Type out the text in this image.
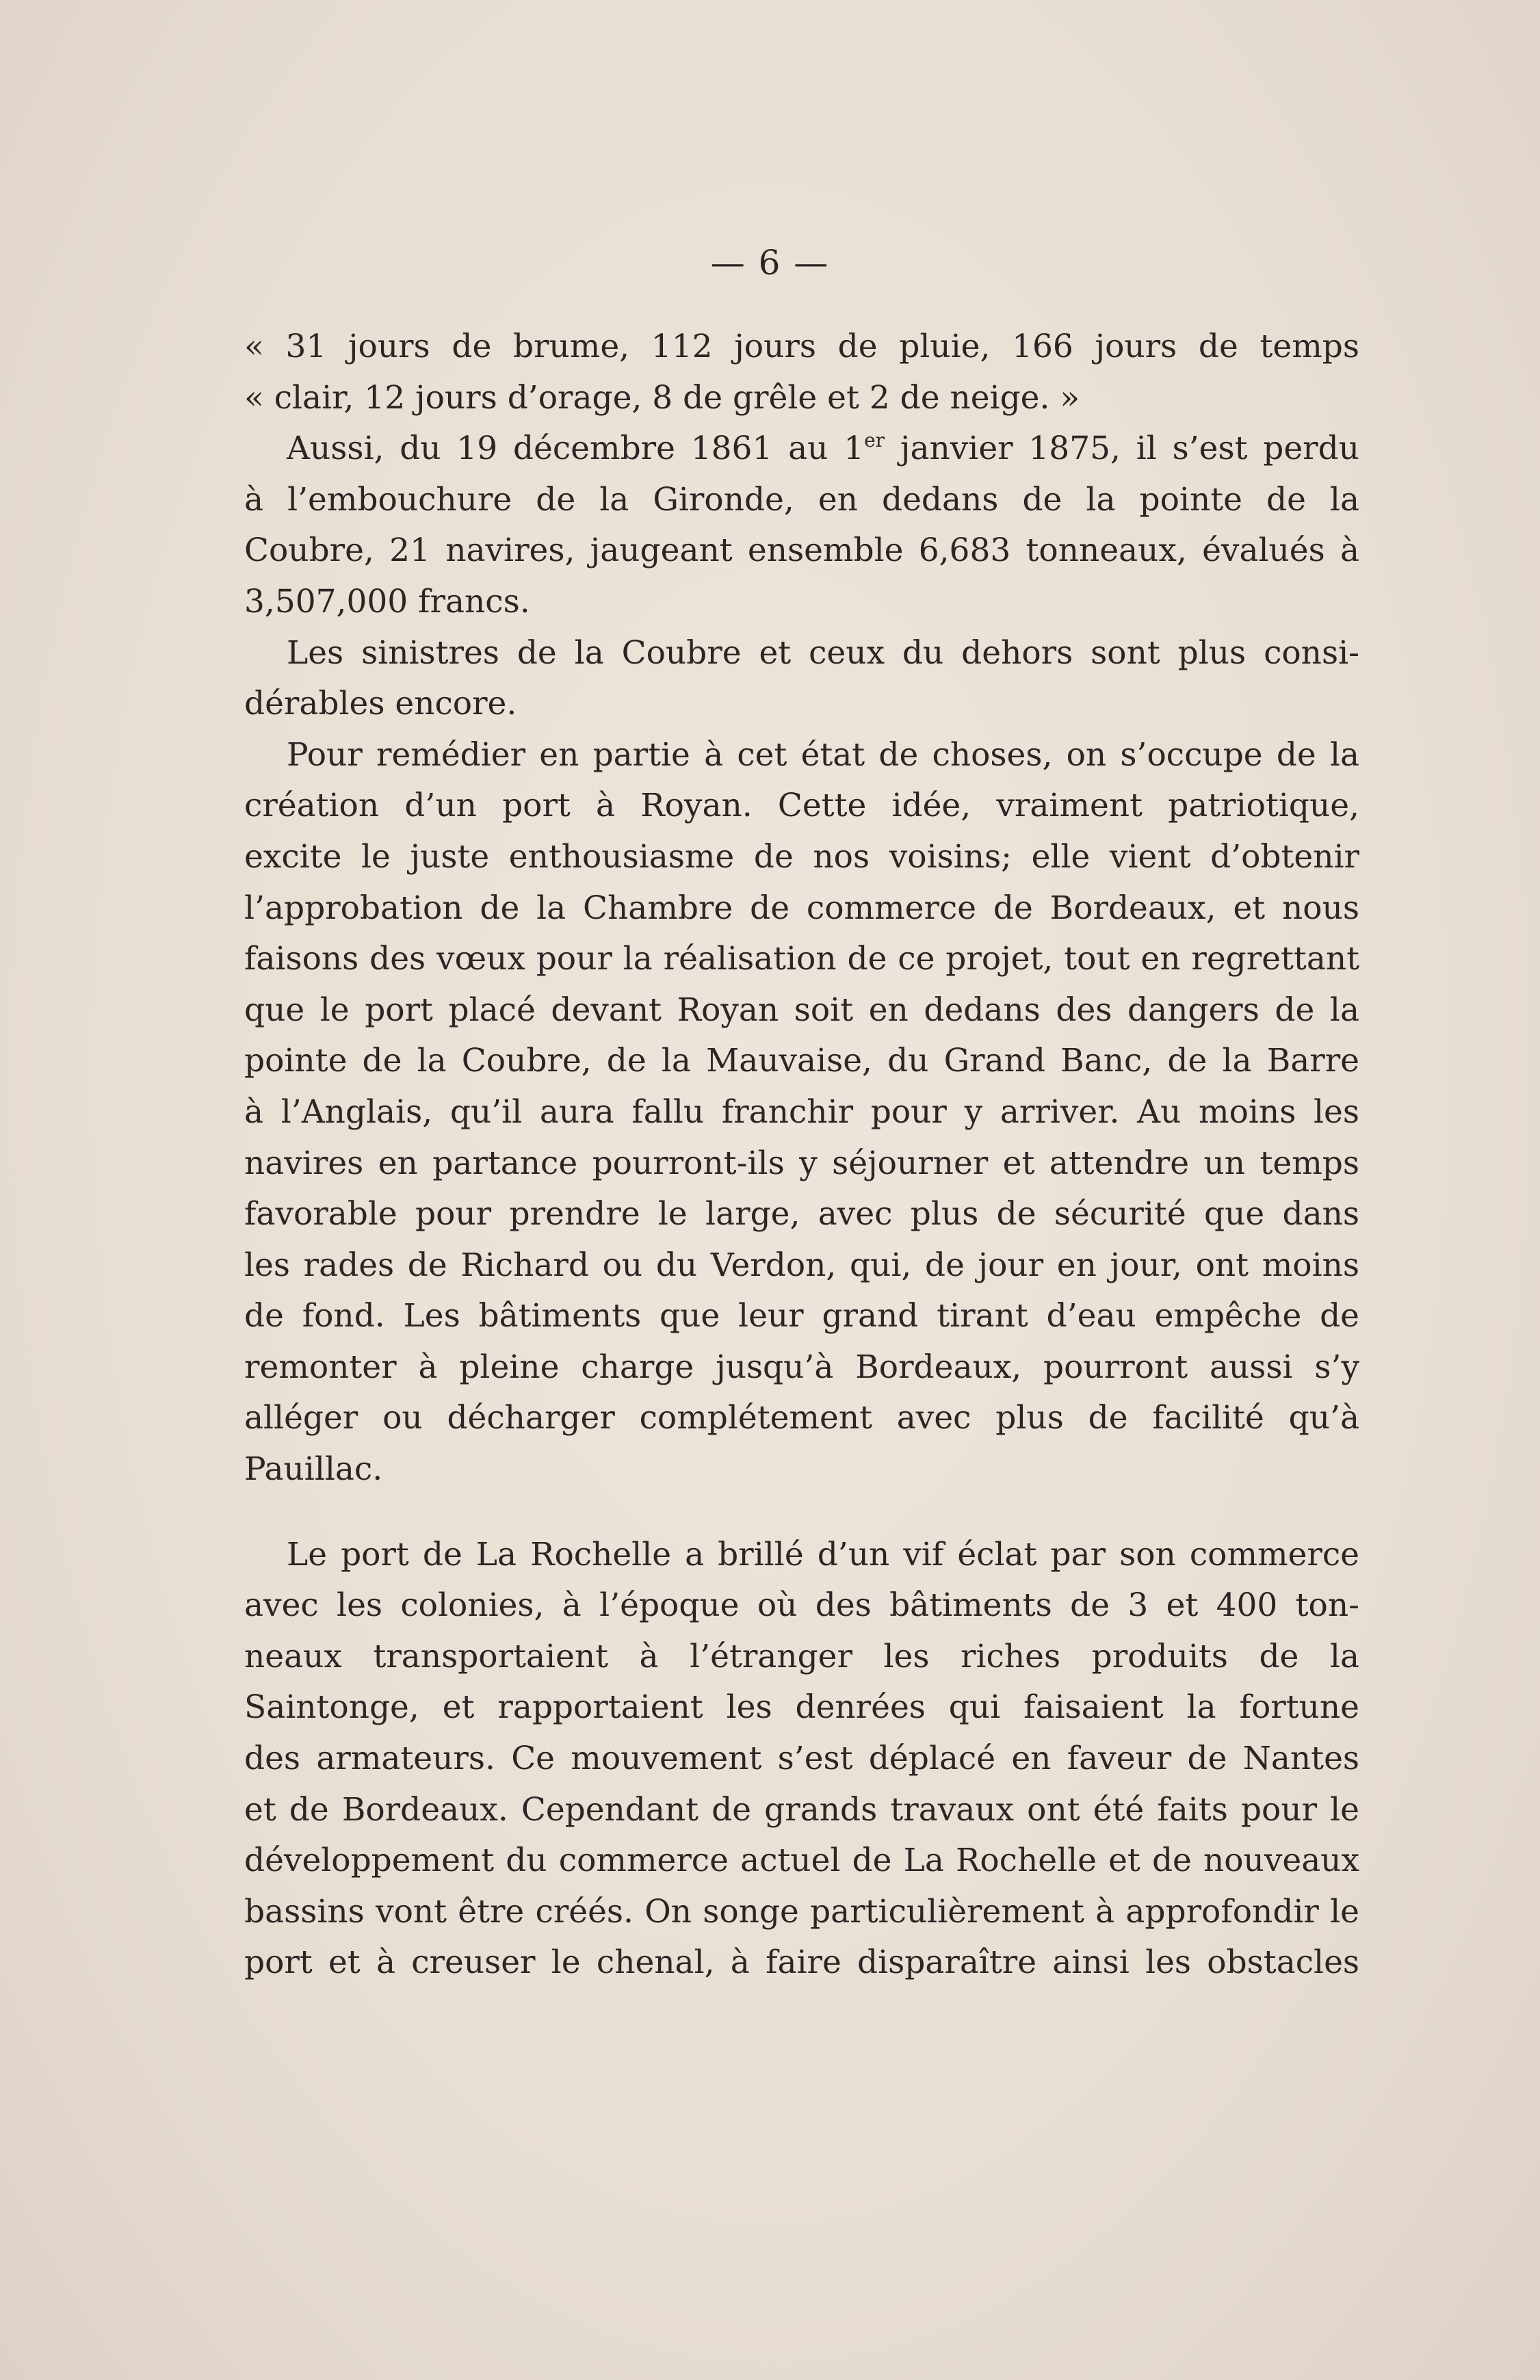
— 6 —
« 31 jours de brume, 112 jours de pluie, 166 jours de temps
« clair, 12 jours d’orage, 8 de grêle et 2 de neige. »
Aussi, du 19 décembre 1861 au 1er janvier 1875, il s’est perdu
à l’embouchure de la Gironde, en dedans de la pointe de la
Coubre, 21 navires, jaugeant ensemble 6,683 tonneaux, évalués à
3,507,000 francs.
Les sinistres de la Coubre et ceux du dehors sont plus consi-
dérables encore.
Pour remédier en partie à cet état de choses, on s’occupe de la
création d’un port à Royan. Cette idée, vraiment patriotique,
excite le juste enthousiasme de nos voisins; elle vient d’obtenir
l’approbation de la Chambre de commerce de Bordeaux, et nous
faisons des vœux pour la réalisation de ce projet, tout en regrettant
que le port placé devant Royan soit en dedans des dangers de la
pointe de la Coubre, de la Mauvaise, du Grand Banc, de la Barre
à l’Anglais, qu’il aura fallu franchir pour y arriver. Au moins les
navires en partance pourront-ils y séjourner et attendre un temps
favorable pour prendre le large, avec plus de sécurité que dans
les rades de Richard ou du Verdon, qui, de jour en jour, ont moins
de fond. Les bâtiments que leur grand tirant d’eau empêche de
remonter à pleine charge jusqu’à Bordeaux, pourront aussi s’y
alléger ou décharger complétement avec plus de facilité qu’à
Pauillac.
Le port de La Rochelle a brillé d’un vif éclat par son commerce
avec les colonies, à l’époque où des bâtiments de 3 et 400 ton-
neaux transportaient à l’étranger les riches produits de la
Saintonge, et rapportaient les denrées qui faisaient la fortune
des armateurs. Ce mouvement s’est déplacé en faveur de Nantes
et de Bordeaux. Cependant de grands travaux ont été faits pour le
développement du commerce actuel de La Rochelle et de nouveaux
bassins vont être créés. On songe particulièrement à approfondir le
port et à creuser le chenal, à faire disparaître ainsi les obstacles
